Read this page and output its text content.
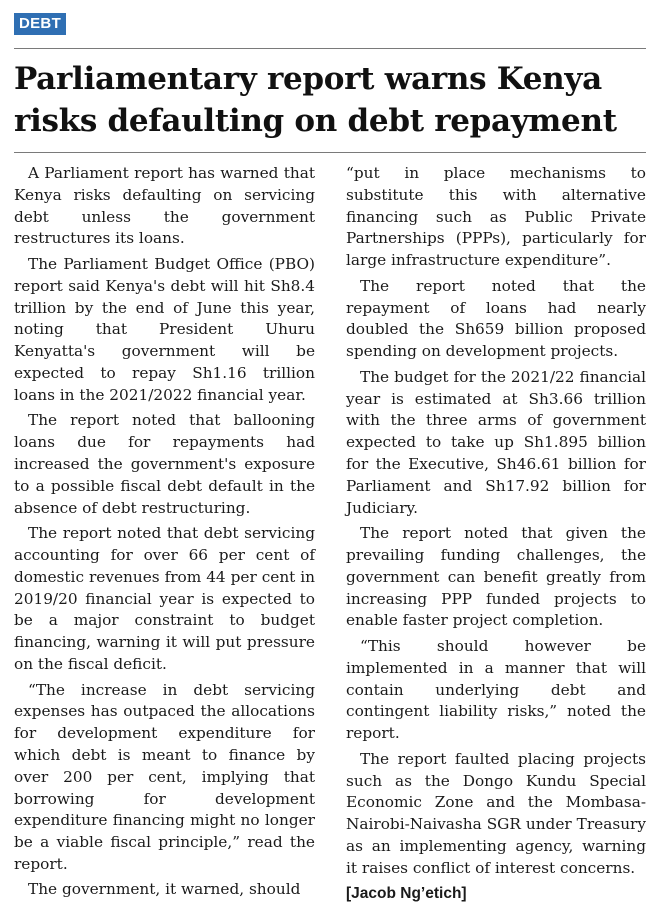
DEBT
Parliamentary report warns Kenya risks defaulting on debt repayment

A Parliament report has warned that Kenya risks defaulting on servicing debt unless the government restructures its loans.

The Parliament Budget Office (PBO) report said Kenya's debt will hit Sh8.4 trillion by the end of June this year, noting that President Uhuru Kenyatta's government will be expected to repay Sh1.16 trillion loans in the 2021/2022 financial year.

The report noted that ballooning loans due for repayments had increased the government's exposure to a possible fiscal debt default in the absence of debt restructuring.

The report noted that debt servicing accounting for over 66 per cent of domestic revenues from 44 per cent in 2019/20 financial year is expected to be a major constraint to budget financing, warning it will put pressure on the fiscal deficit.

“The increase in debt servicing expenses has outpaced the allocations for development expenditure for which debt is meant to finance by over 200 per cent, implying that borrowing for development expenditure financing might no longer be a viable fiscal principle,” read the report.

The government, it warned, should

“put in place mechanisms to substitute this with alternative financing such as Public Private Partnerships (PPPs), particularly for large infrastructure expenditure”.

The report noted that the repayment of loans had nearly doubled the Sh659 billion proposed spending on development projects.

The budget for the 2021/22 financial year is estimated at Sh3.66 trillion with the three arms of government expected to take up Sh1.895 billion for the Executive, Sh46.61 billion for Parliament and Sh17.92 billion for Judiciary.

The report noted that given the prevailing funding challenges, the government can benefit greatly from increasing PPP funded projects to enable faster project completion.

“This should however be implemented in a manner that will contain underlying debt and contingent liability risks,” noted the report.

The report faulted placing projects such as the Dongo Kundu Special Economic Zone and the Mombasa-Nairobi-Naivasha SGR under Treasury as an implementing agency, warning it raises conflict of interest concerns.

[Jacob Ng’etich]
